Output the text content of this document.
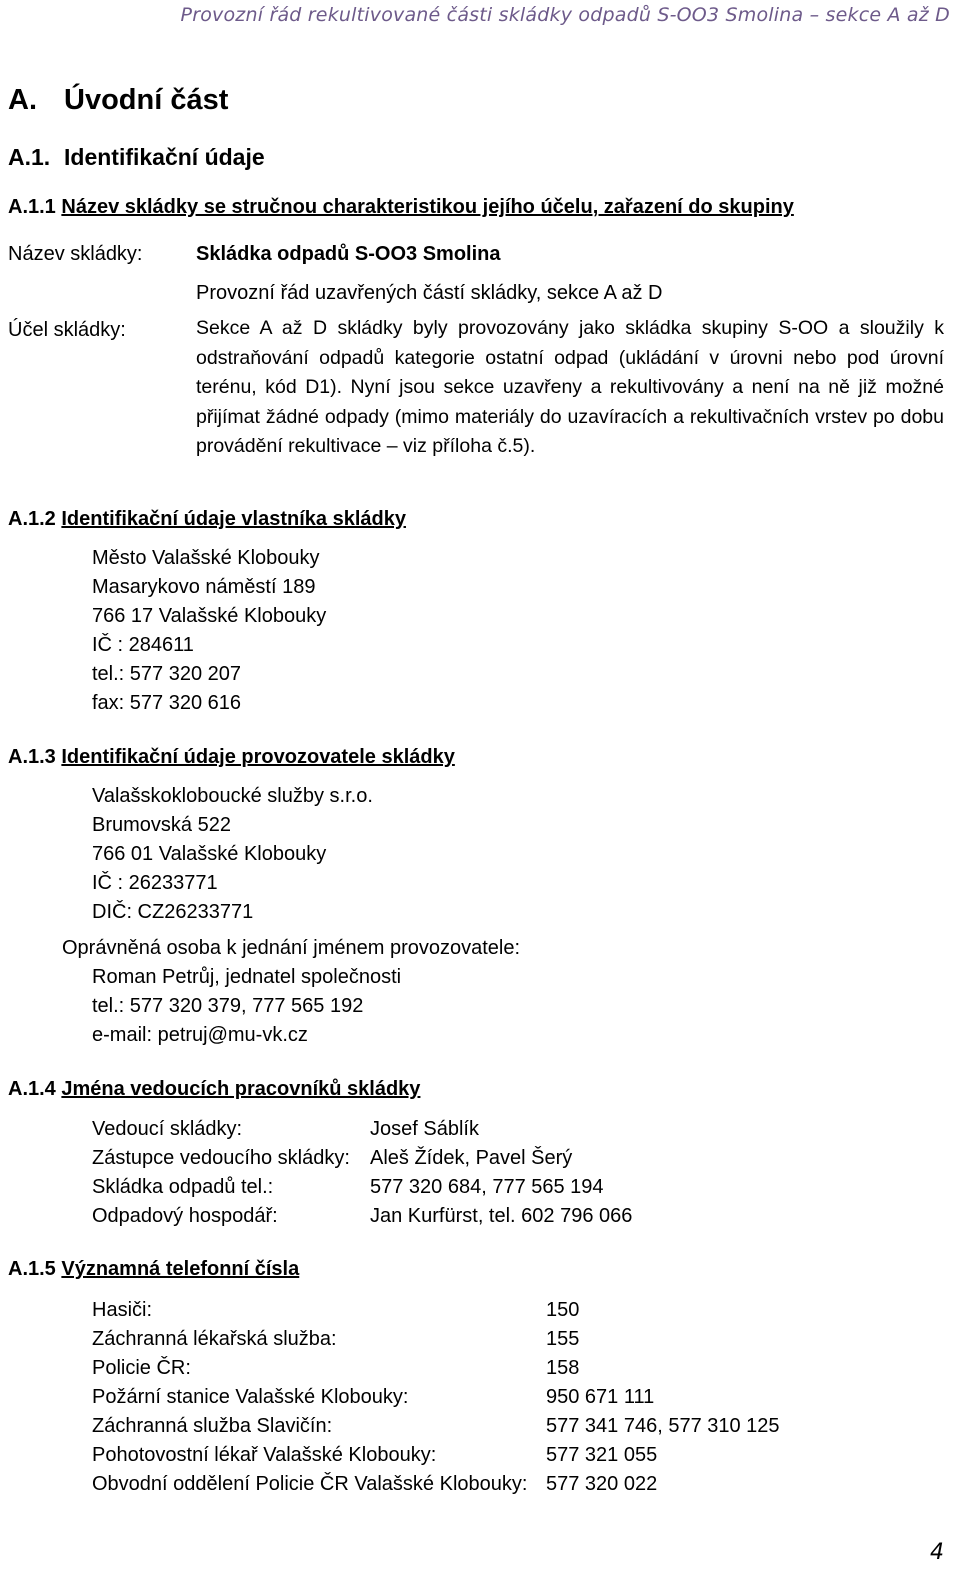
Provozní řád rekultivované části skládky odpadů S-OO3 Smolina – sekce A až D
A. Úvodní část
A.1. Identifikační údaje
A.1.1 Název skládky se stručnou charakteristikou jejího účelu, zařazení do skupiny
Název skládky:	Skládka odpadů S-OO3 Smolina
Provozní řád uzavřených částí skládky, sekce A až D
Účel skládky:	Sekce A až D skládky byly provozovány jako skládka skupiny S-OO a sloužily k odstraňování odpadů kategorie ostatní odpad (ukládání v úrovni nebo pod úrovní terénu, kód D1). Nyní jsou sekce uzavřeny a rekultivovány a není na ně již možné přijímat žádné odpady (mimo materiály do uzavíracích a rekultivačních vrstev po dobu provádění rekultivace – viz příloha č.5).
A.1.2 Identifikační údaje vlastníka skládky
Město Valašské Klobouky
Masarykovo náměstí 189
766 17 Valašské Klobouky
IČ : 284611
tel.: 577 320 207
fax: 577 320 616
A.1.3 Identifikační údaje provozovatele skládky
Valašskokloboucké služby s.r.o.
Brumovská 522
766 01 Valašské Klobouky
IČ : 26233771
DIČ: CZ26233771
Oprávněná osoba k jednání jménem provozovatele:
Roman Petrůj, jednatel společnosti
tel.: 577 320 379, 777 565 192
e-mail: petruj@mu-vk.cz
A.1.4 Jména vedoucích pracovníků skládky
Vedoucí skládky:	Josef Sáblík
Zástupce vedoucího skládky:	Aleš Žídek, Pavel Šerý
Skládka odpadů tel.:	577 320 684, 777 565 194
Odpadový hospodář:	Jan Kurfürst, tel. 602 796 066
A.1.5 Významná telefonní čísla
Hasiči:	150
Záchranná lékařská služba:	155
Policie ČR:	158
Požární stanice Valašské Klobouky:	950 671 111
Záchranná služba Slavičín:	577 341 746, 577 310 125
Pohotovostní lékař Valašské Klobouky:	577 321 055
Obvodní oddělení Policie ČR Valašské Klobouky:	577 320 022
4
